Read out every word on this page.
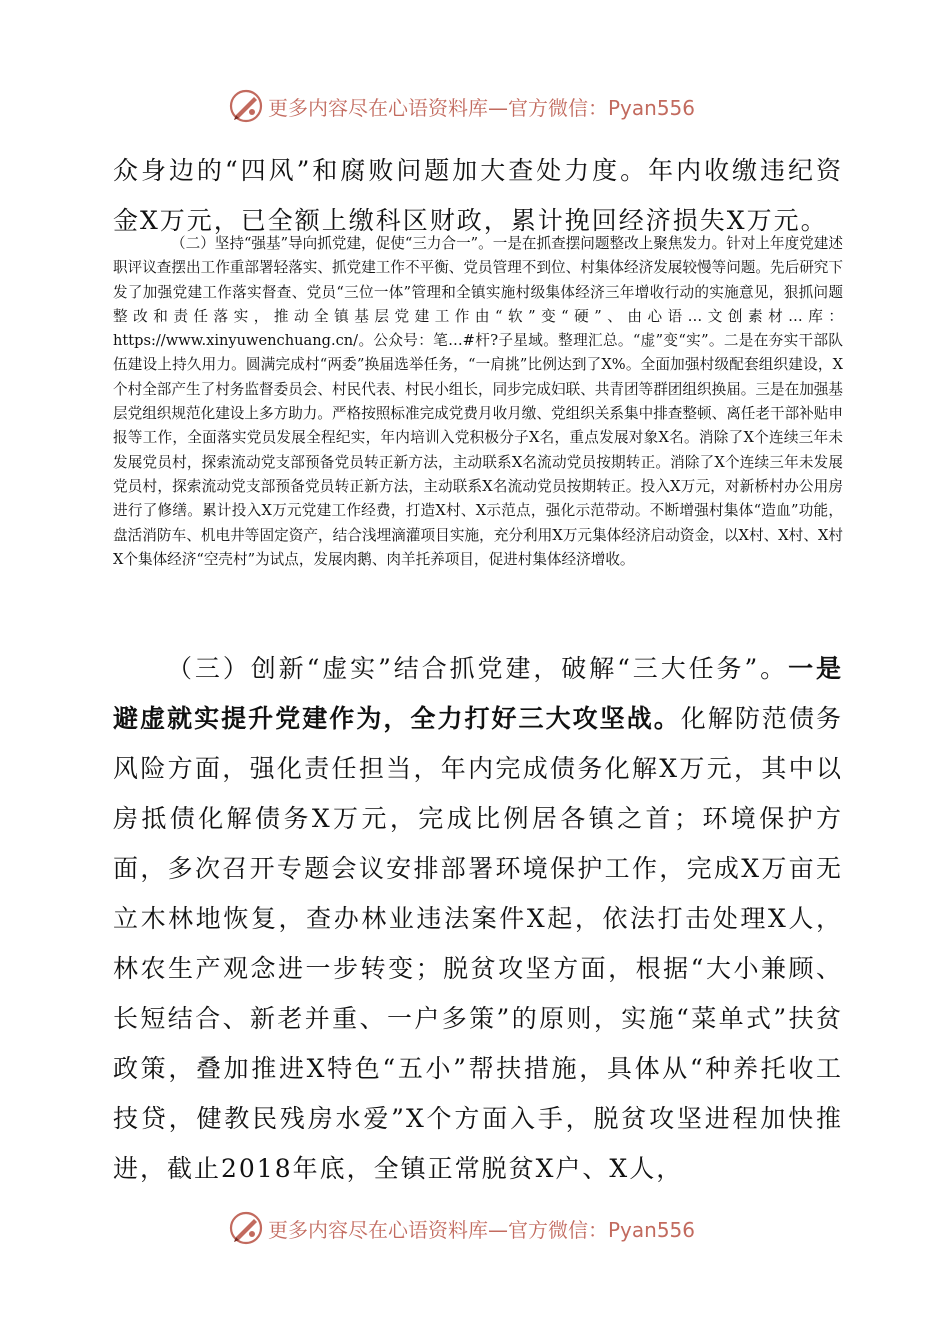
更多内容尽在心语资料库—官方微信：Pyan556

众身边的“四风”和腐败问题加大查处力度。年内收缴违纪资金X万元，已全额上缴科区财政，累计挽回经济损失X万元。

（二）坚持“强基”导向抓党建，促使“三力合一”。一是在抓查摆问题整改上聚焦发力。针对上年度党建述职评议查摆出工作重部署轻落实、抓党建工作不平衡、党员管理不到位、村集体经济发展较慢等问题。先后研究下发了加强党建工作落实督查、党员“三位一体”管理和全镇实施村级集体经济三年增收行动的实施意见，狠抓问题整改和责任落实，推动全镇基层党建工作由“软”变“硬”、由心语…文创素材…库：https://www.xinyuwenchuang.cn/。公众号：笔…#杆?子星域。整理汇总。“虚”变“实”。二是在夯实干部队伍建设上持久用力。圆满完成村“两委”换届选举任务，“一肩挑”比例达到了X%。全面加强村级配套组织建设，X个村全部产生了村务监督委员会、村民代表、村民小组长，同步完成妇联、共青团等群团组织换届。三是在加强基层党组织规范化建设上多方助力。严格按照标准完成党费月收月缴、党组织关系集中排查整顿、离任老干部补贴申报等工作，全面落实党员发展全程纪实，年内培训入党积极分子X名，重点发展对象X名。消除了X个连续三年未发展党员村，探索流动党支部预备党员转正新方法，主动联系X名流动党员按期转正。消除了X个连续三年未发展党员村，探索流动党支部预备党员转正新方法，主动联系X名流动党员按期转正。投入X万元，对新桥村办公用房进行了修缮。累计投入X万元党建工作经费，打造X村、X示范点，强化示范带动。不断增强村集体“造血”功能，盘活消防车、机电井等固定资产，结合浅埋滴灌项目实施，充分利用X万元集体经济启动资金，以X村、X村、X村X个集体经济“空壳村”为试点，发展肉鹅、肉羊托养项目，促进村集体经济增收。

（三）创新“虚实”结合抓党建，破解“三大任务”。一是避虚就实提升党建作为，全力打好三大攻坚战。化解防范债务风险方面，强化责任担当，年内完成债务化解X万元，其中以房抵债化解债务X万元，完成比例居各镇之首；环境保护方面，多次召开专题会议安排部署环境保护工作，完成X万亩无立木林地恢复，查办林业违法案件X起，依法打击处理X人，林农生产观念进一步转变；脱贫攻坚方面，根据“大小兼顾、长短结合、新老并重、一户多策”的原则，实施“菜单式”扶贫政策，叠加推进X特色“五小”帮扶措施，具体从“种养托收工技贷，健教民残房水爱”X个方面入手，脱贫攻坚进程加快推进，截止2018年底，全镇正常脱贫X户、X人，

更多内容尽在心语资料库—官方微信：Pyan556
